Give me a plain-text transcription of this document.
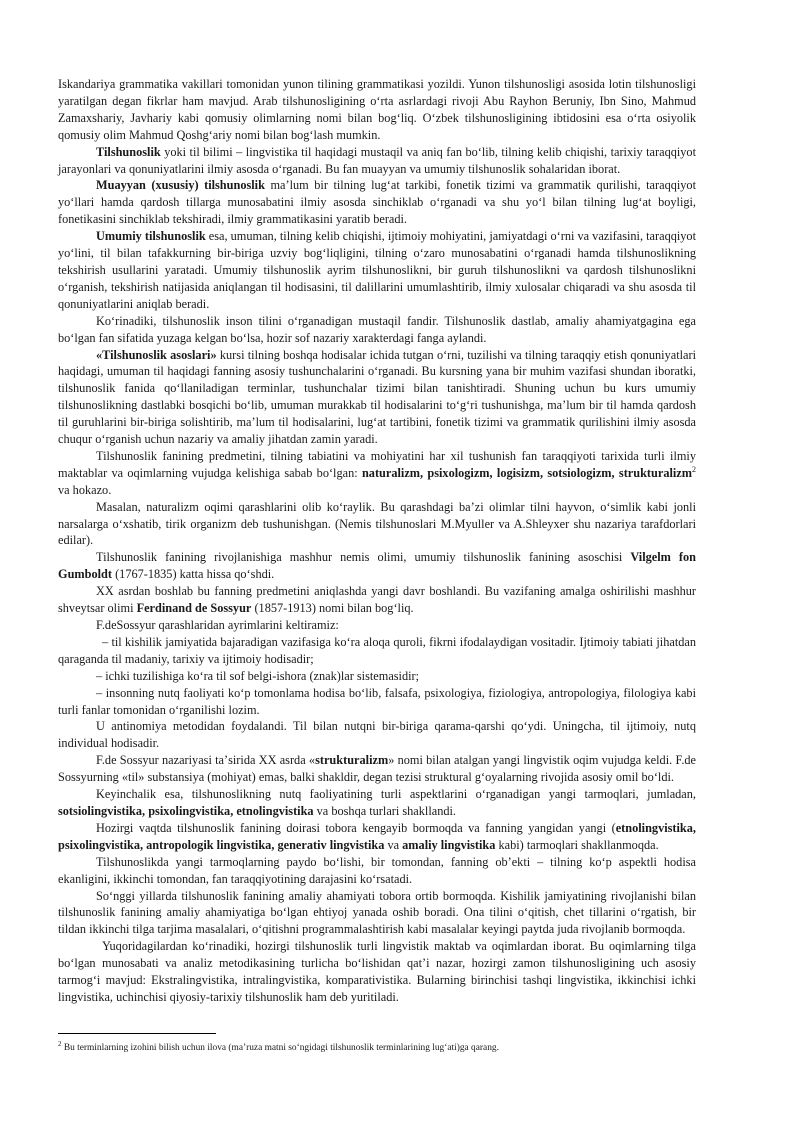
Iskandariya grammatika vakillari tomonidan yunon tilining grammatikasi yozildi. Yunon tilshunosligi asosida lotin tilshunosligi yaratilgan degan fikrlar ham mavjud. Arab tilshunosligining oʻrta asrlardagi rivoji Abu Rayhon Beruniy, Ibn Sino, Mahmud Zamaxshariy, Javhariy kabi qomusiy olimlarning nomi bilan bogʻliq. Oʻzbek tilshunosligining ibtidosini esa oʻrta osiyolik qomusiy olim Mahmud Qoshgʻariy nomi bilan bogʻlash mumkin.

Tilshunoslik yoki til bilimi – lingvistika til haqidagi mustaqil va aniq fan boʻlib, tilning kelib chiqishi, tarixiy taraqqiyot jarayonlari va qonuniyatlarini ilmiy asosda oʻrganadi. Bu fan muayyan va umumiy tilshunoslik sohalaridan iborat.

Muayyan (xususiy) tilshunoslik maʼlum bir tilning lugʻat tarkibi, fonetik tizimi va grammatik qurilishi, taraqqiyot yoʻllari hamda qardosh tillarga munosabatini ilmiy asosda sinchiklab oʻrganadi va shu yoʻl bilan tilning lugʻat boyligi, fonetikasini sinchiklab tekshiradi, ilmiy grammatikasini yaratib beradi.

Umumiy tilshunoslik esa, umuman, tilning kelib chiqishi, ijtimoiy mohiyatini, jamiyatdagi oʻrni va vazifasini, taraqqiyot yoʻlini, til bilan tafakkurning bir-biriga uzviy bogʻliqligini, tilning oʻzaro munosabatini oʻrganadi hamda tilshunoslikning tekshirish usullarini yaratadi. Umumiy tilshunoslik ayrim tilshunoslikni, bir guruh tilshunoslikni va qardosh tilshunoslikni oʻrganish, tekshirish natijasida aniqlangan til hodisasini, til dalillarini umumlashtirib, ilmiy xulosalar chiqaradi va shu asosda til qonuniyatlarini aniqlab beradi.

Koʻrinadiki, tilshunoslik inson tilini oʻrganadigan mustaqil fandir. Tilshunoslik dastlab, amaliy ahamiyatgagina ega boʻlgan fan sifatida yuzaga kelgan boʻlsa, hozir sof nazariy xarakterdagi fanga aylandi.

«Tilshunoslik asoslari» kursi tilning boshqa hodisalar ichida tutgan oʻrni, tuzilishi va tilning taraqqiy etish qonuniyatlari haqidagi, umuman til haqidagi fanning asosiy tushunchalarini oʻrganadi. Bu kursning yana bir muhim vazifasi shundan iboratki, tilshunoslik fanida qoʻllaniladigan terminlar, tushunchalar tizimi bilan tanishtiradi. Shuning uchun bu kurs umumiy tilshunoslikning dastlabki bosqichi boʻlib, umuman murakkab til hodisalarini toʻgʻri tushunishga, maʼlum bir til hamda qardosh til guruhlarini bir-biriga solishtirib, maʼlum til hodisalarini, lugʻat tartibini, fonetik tizimi va grammatik qurilishini ilmiy asosda chuqur oʻrganish uchun nazariy va amaliy jihatdan zamin yaradi.

Tilshunoslik fanining predmetini, tilning tabiatini va mohiyatini har xil tushunish fan taraqqiyoti tarixida turli ilmiy maktablar va oqimlarning vujudga kelishiga sabab boʻlgan: naturalizm, psixologizm, logisizm, sotsiologizm, strukturalizm$^2$ va hokazo.

Masalan, naturalizm oqimi qarashlarini olib koʻraylik. Bu qarashdagi baʼzi olimlar tilni hayvon, oʻsimlik kabi jonli narsalarga oʻxshatib, tirik organizm deb tushunishgan. (Nemis tilshunoslari M.Myuller va A.Shleyxer shu nazariya tarafdorlari edilar).

Tilshunoslik fanining rivojlanishiga mashhur nemis olimi, umumiy tilshunoslik fanining asoschisi Vilgelm fon Gumboldt (1767-1835) katta hissa qoʻshdi.

XX asrdan boshlab bu fanning predmetini aniqlashda yangi davr boshlandi. Bu vazifaning amalga oshirilishi mashhur shveytsar olimi Ferdinand de Sossyur (1857-1913) nomi bilan bogʻliq.

F.deSossyur qarashlaridan ayrimlarini keltiramiz:

– til kishilik jamiyatida bajaradigan vazifasiga koʻra aloqa quroli, fikrni ifodalaydigan vositadir. Ijtimoiy tabiati jihatdan qaraganda til madaniy, tarixiy va ijtimoiy hodisadir;

– ichki tuzilishiga koʻra til sof belgi-ishora (znak)lar sistemasidir;

– insonning nutq faoliyati koʻp tomonlama hodisa boʻlib, falsafa, psixologiya, fiziologiya, antropologiya, filologiya kabi turli fanlar tomonidan oʻrganilishi lozim.

U antinomiya metodidan foydalandi. Til bilan nutqni bir-biriga qarama-qarshi qoʻydi. Uningcha, til ijtimoiy, nutq individual hodisadir.

F.de Sossyur nazariyasi taʼsirida XX asrda «strukturalizm» nomi bilan atalgan yangi lingvistik oqim vujudga keldi. F.de Sossyurning «til» substansiya (mohiyat) emas, balki shakldir, degan tezisi struktural gʻoyalarning rivojida asosiy omil boʻldi.

Keyinchalik esa, tilshunoslikning nutq faoliyatining turli aspektlarini oʻrganadigan yangi tarmoqlari, jumladan, sotsiolingvistika, psixolingvistika, etnolingvistika va boshqa turlari shakllandi.

Hozirgi vaqtda tilshunoslik fanining doirasi tobora kengayib bormoqda va fanning yangidan yangi (etnolingvistika, psixolingvistika, antropologik lingvistika, generativ lingvistika va amaliy lingvistika kabi) tarmoqlari shakllanmoqda.

Tilshunoslikda yangi tarmoqlarning paydo boʻlishi, bir tomondan, fanning obʼekti – tilning koʻp aspektli hodisa ekanligini, ikkinchi tomondan, fan taraqqiyotining darajasini koʻrsatadi.

Soʻnggi yillarda tilshunoslik fanining amaliy ahamiyati tobora ortib bormoqda. Kishilik jamiyatining rivojlanishi bilan tilshunoslik fanining amaliy ahamiyatiga boʻlgan ehtiyoj yanada oshib boradi. Ona tilini oʻqitish, chet tillarini oʻrgatish, bir tildan ikkinchi tilga tarjima masalalari, oʻqitishni programmalashtirish kabi masalalar keyingi paytda juda rivojlanib bormoqda.

Yuqoridagilardan koʻrinadiki, hozirgi tilshunoslik turli lingvistik maktab va oqimlardan iborat. Bu oqimlarning tilga boʻlgan munosabati va analiz metodikasining turlicha boʻlishidan qatʼi nazar, hozirgi zamon tilshunosligining uch asosiy tarmogʻi mavjud: Ekstralingvistika, intralingvistika, komparativistika. Bularning birinchisi tashqi lingvistika, ikkinchisi ichki lingvistika, uchinchisi qiyosiy-tarixiy tilshunoslik ham deb yuritiladi.

$^2$ Bu terminlarning izohini bilish uchun ilova (maʼruza matni soʻngidagi tilshunoslik terminlarining lugʻati)ga qarang.
